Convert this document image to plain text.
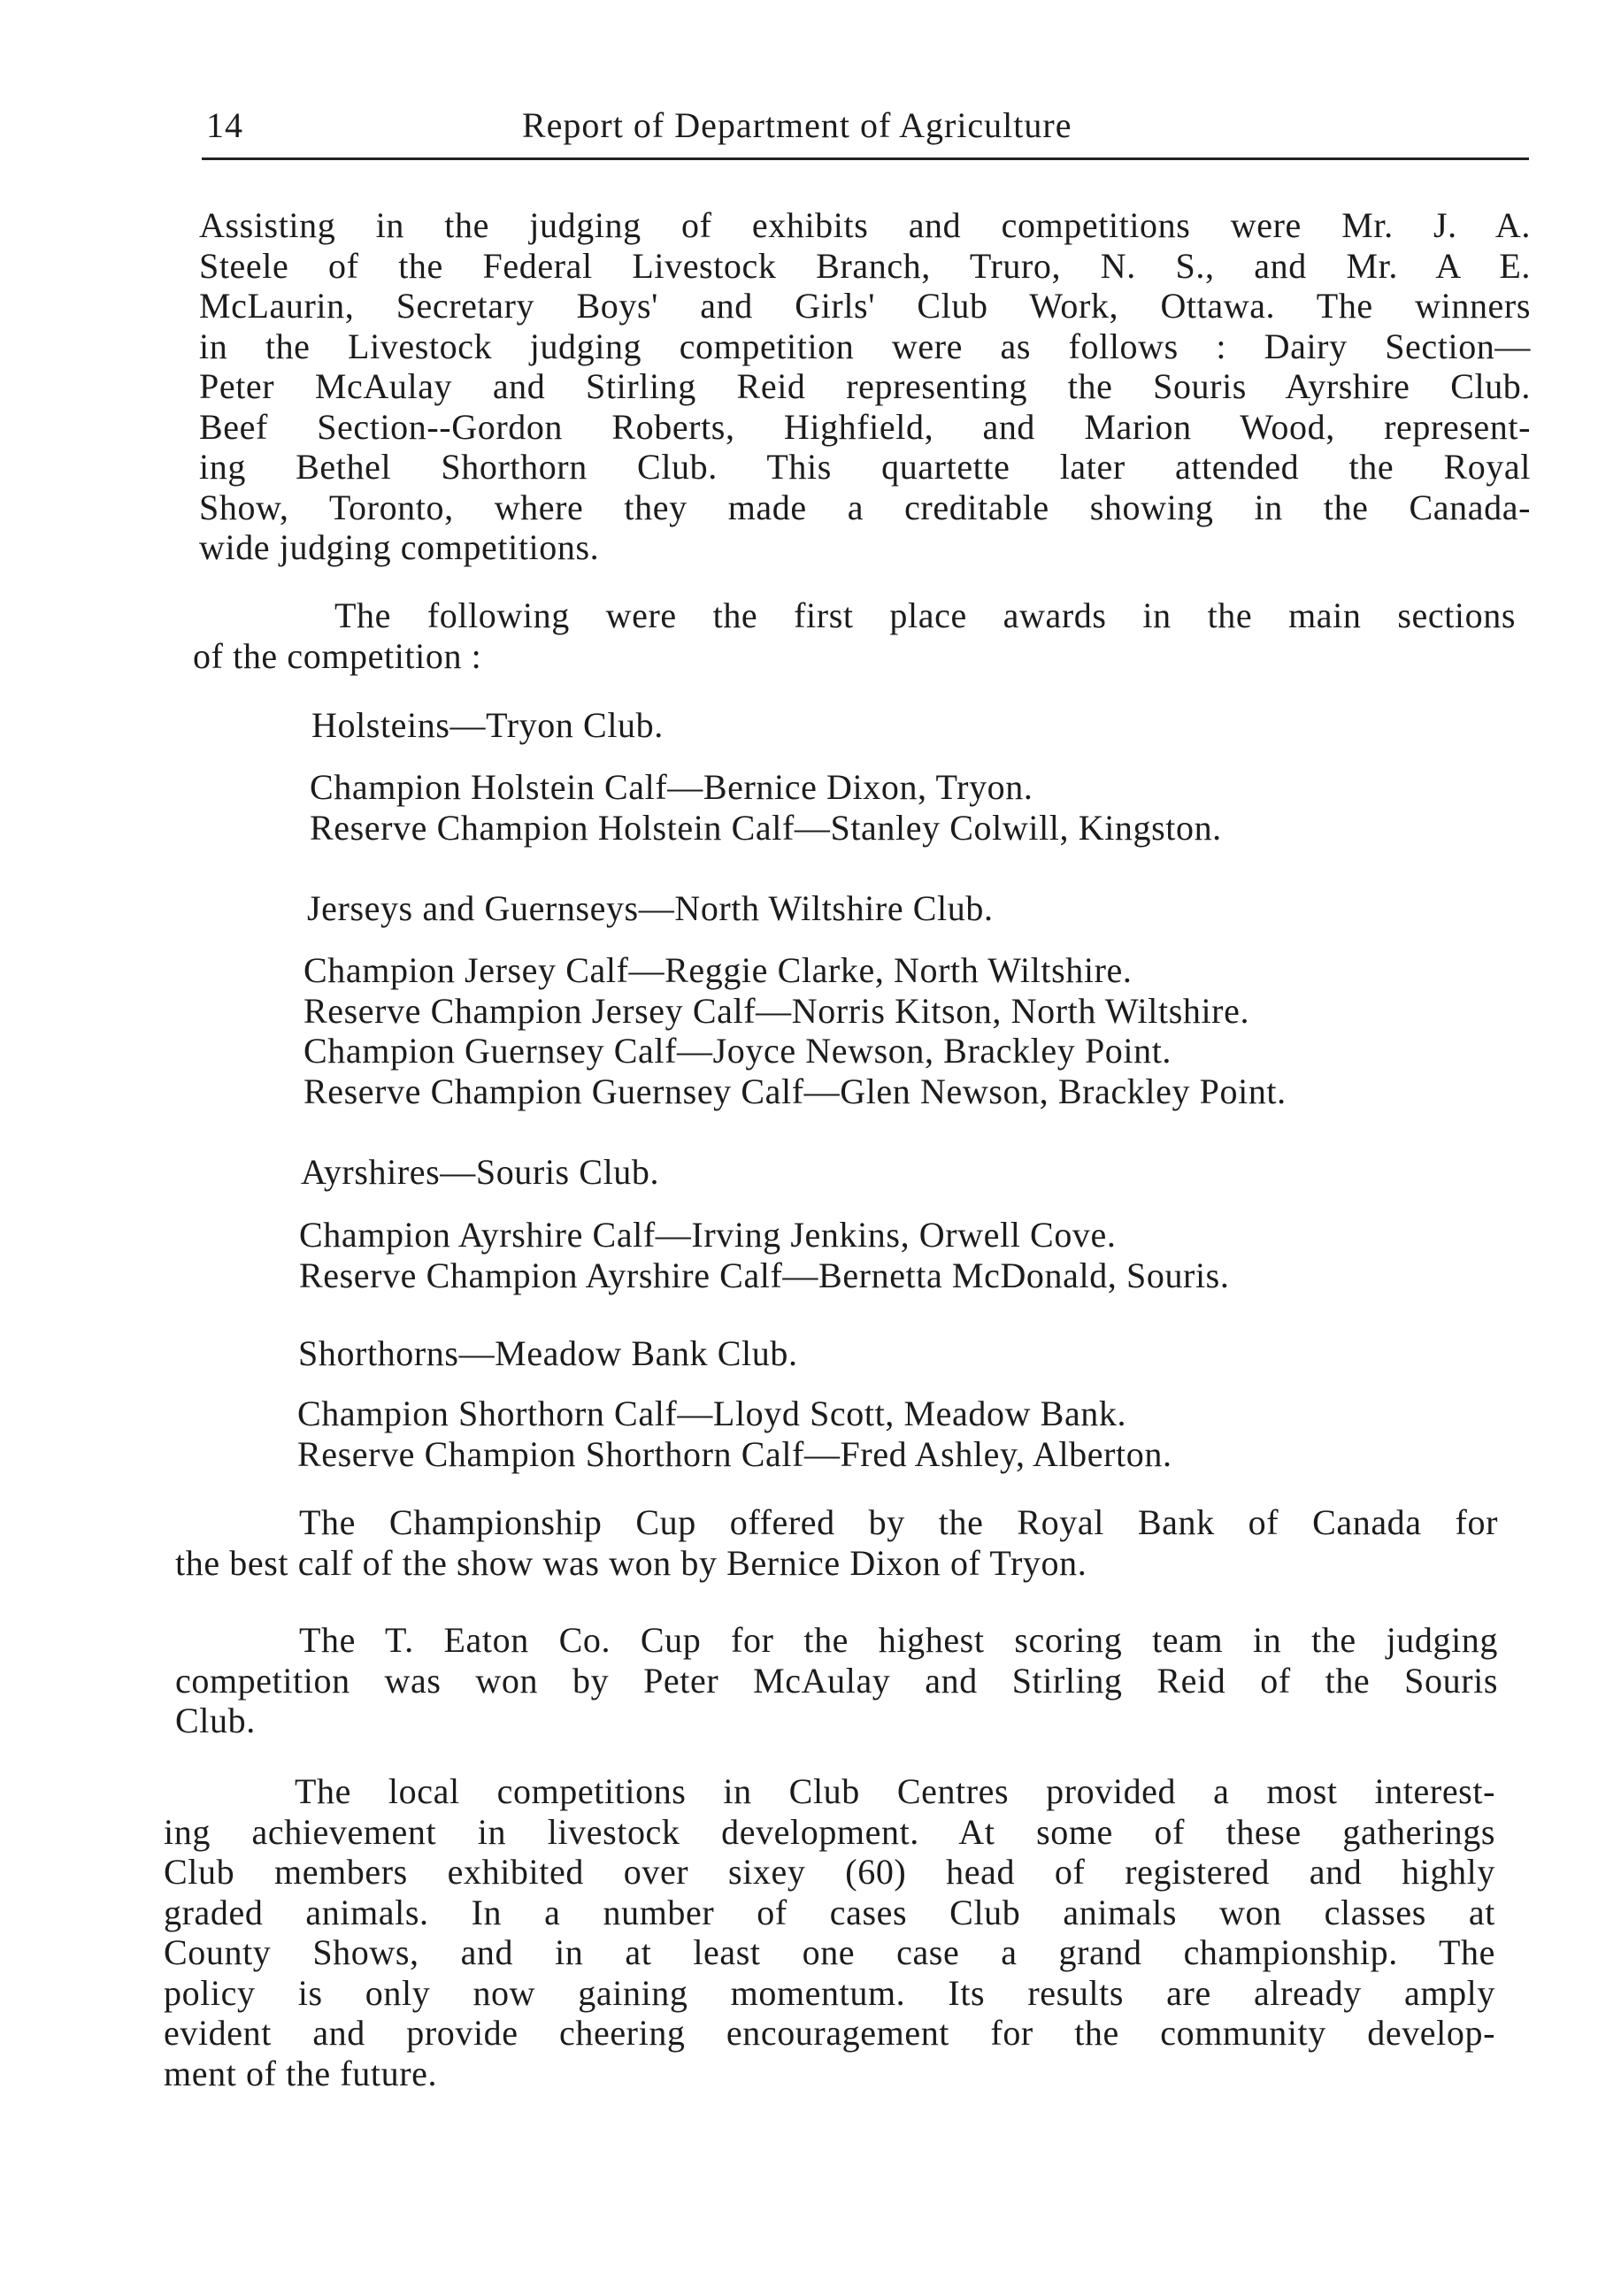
14	Report of Department of Agriculture

Assisting in the judging of exhibits and competitions were Mr. J. A.
Steele of the Federal Livestock Branch, Truro, N. S., and Mr. A E.
McLaurin, Secretary Boys' and Girls' Club Work, Ottawa. The winners
in the Livestock judging competition were as follows : Dairy Section—
Peter McAulay and Stirling Reid representing the Souris Ayrshire Club.
Beef Section--Gordon Roberts, Highfield, and Marion Wood, represent-
ing Bethel Shorthorn Club. This quartette later attended the Royal
Show, Toronto, where they made a creditable showing in the Canada-
wide judging competitions.

The following were the first place awards in the main sections
of the competition :

Holsteins—Tryon Club.
Champion Holstein Calf—Bernice Dixon, Tryon.
Reserve Champion Holstein Calf—Stanley Colwill, Kingston.
Jerseys and Guernseys—North Wiltshire Club.
Champion Jersey Calf—Reggie Clarke, North Wiltshire.
Reserve Champion Jersey Calf—Norris Kitson, North Wiltshire.
Champion Guernsey Calf—Joyce Newson, Brackley Point.
Reserve Champion Guernsey Calf—Glen Newson, Brackley Point.
Ayrshires—Souris Club.
Champion Ayrshire Calf—Irving Jenkins, Orwell Cove.
Reserve Champion Ayrshire Calf—Bernetta McDonald, Souris.
Shorthorns—Meadow Bank Club.
Champion Shorthorn Calf—Lloyd Scott, Meadow Bank.
Reserve Champion Shorthorn Calf—Fred Ashley, Alberton.

The Championship Cup offered by the Royal Bank of Canada for
the best calf of the show was won by Bernice Dixon of Tryon.

The T. Eaton Co. Cup for the highest scoring team in the judging
competition was won by Peter McAulay and Stirling Reid of the Souris
Club.

The local competitions in Club Centres provided a most interest-
ing achievement in livestock development. At some of these gatherings
Club members exhibited over sixey (60) head of registered and highly
graded animals. In a number of cases Club animals won classes at
County Shows, and in at least one case a grand championship. The
policy is only now gaining momentum. Its results are already amply
evident and provide cheering encouragement for the community develop-
ment of the future.
